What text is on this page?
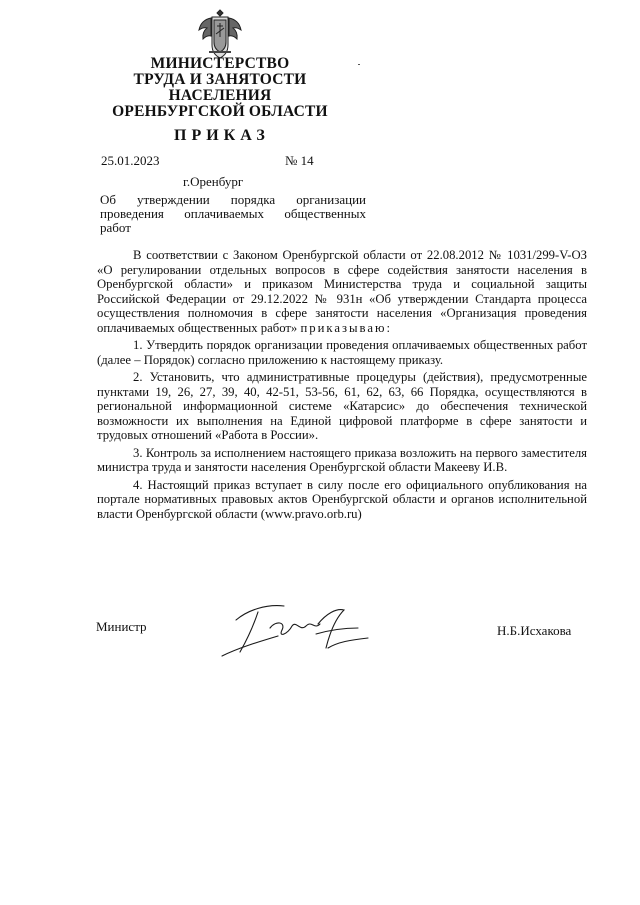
МИНИСТЕРСТВО
ТРУДА И ЗАНЯТОСТИ
НАСЕЛЕНИЯ
ОРЕНБУРГСКОЙ ОБЛАСТИ
ПРИКАЗ
25.01.2023	№ 14
г.Оренбург
Об утверждении порядка организации
проведения оплачиваемых общественных
работ

В соответствии с Законом Оренбургской области от 22.08.2012 № 1031/299-V-ОЗ «О регулировании отдельных вопросов в сфере содействия занятости населения в Оренбургской области» и приказом Министерства труда и социальной защиты Российской Федерации от 29.12.2022 № 931н «Об утверждении Стандарта процесса осуществления полномочия в сфере занятости населения «Организация проведения оплачиваемых общественных работ» приказываю:

1. Утвердить порядок организации проведения оплачиваемых общественных работ (далее – Порядок) согласно приложению к настоящему приказу.

2. Установить, что административные процедуры (действия), предусмотренные пунктами 19, 26, 27, 39, 40, 42-51, 53-56, 61, 62, 63, 66 Порядка, осуществляются в региональной информационной системе «Катарсис» до обеспечения технической возможности их выполнения на Единой цифровой платформе в сфере занятости и трудовых отношений «Работа в России».

3. Контроль за исполнением настоящего приказа возложить на первого заместителя министра труда и занятости населения Оренбургской области Макееву И.В.

4. Настоящий приказ вступает в силу после его официального опубликования на портале нормативных правовых актов Оренбургской области и органов исполнительной власти Оренбургской области (www.pravo.orb.ru)

Министр	Н.Б.Исхакова
